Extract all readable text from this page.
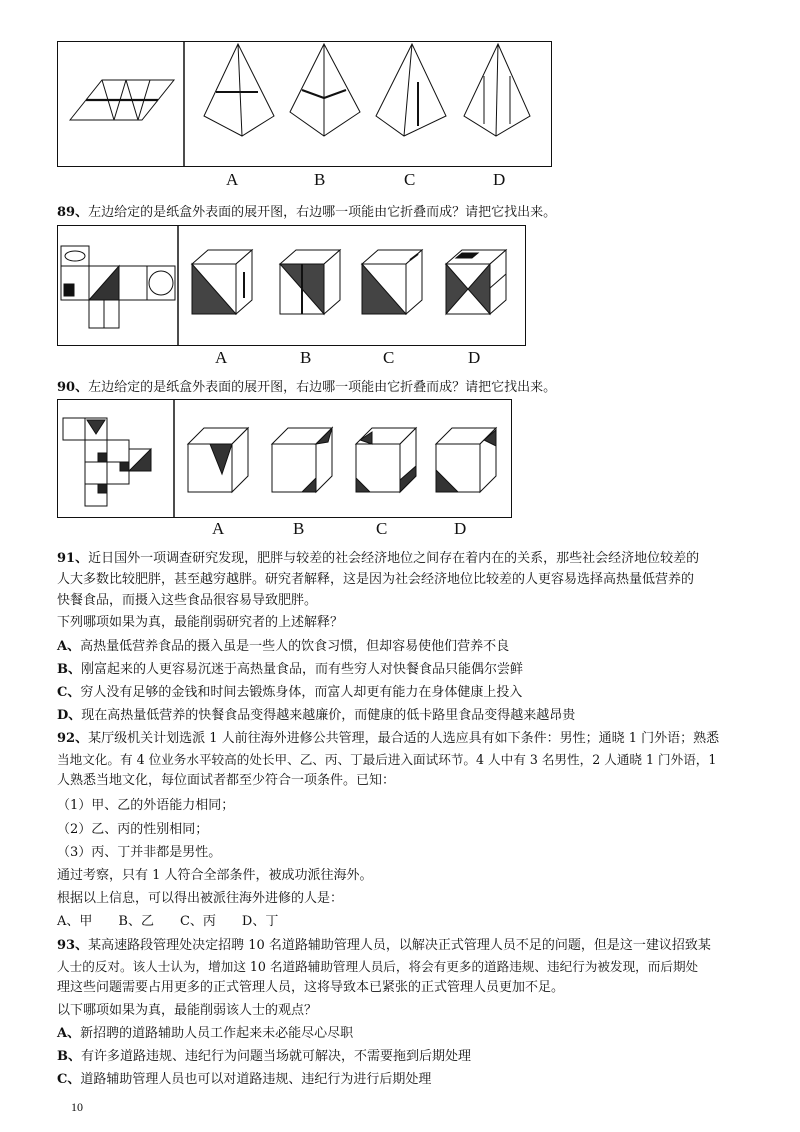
A	B	C	D
89、左边给定的是纸盒外表面的展开图，右边哪一项能由它折叠而成？请把它找出来。
A	B	C	D
90、左边给定的是纸盒外表面的展开图，右边哪一项能由它折叠而成？请把它找出来。
A	B	C	D
91、近日国外一项调查研究发现，肥胖与较差的社会经济地位之间存在着内在的关系，那些社会经济地位较差的
人大多数比较肥胖，甚至越穷越胖。研究者解释，这是因为社会经济地位比较差的人更容易选择高热量低营养的
快餐食品，而摄入这些食品很容易导致肥胖。
下列哪项如果为真，最能削弱研究者的上述解释？
A、高热量低营养食品的摄入虽是一些人的饮食习惯，但却容易使他们营养不良
B、刚富起来的人更容易沉迷于高热量食品，而有些穷人对快餐食品只能偶尔尝鲜
C、穷人没有足够的金钱和时间去锻炼身体，而富人却更有能力在身体健康上投入
D、现在高热量低营养的快餐食品变得越来越廉价，而健康的低卡路里食品变得越来越昂贵
92、某厅级机关计划选派 1 人前往海外进修公共管理，最合适的人选应具有如下条件：男性；通晓 1 门外语；熟悉
当地文化。有 4 位业务水平较高的处长甲、乙、丙、丁最后进入面试环节。4 人中有 3 名男性，2 人通晓 1 门外语，1
人熟悉当地文化，每位面试者都至少符合一项条件。已知：
（1）甲、乙的外语能力相同；
（2）乙、丙的性别相同；
（3）丙、丁并非都是男性。
通过考察，只有 1 人符合全部条件，被成功派往海外。
根据以上信息，可以得出被派往海外进修的人是：
A、甲 B、乙 C、丙 D、丁
93、某高速路段管理处决定招聘 10 名道路辅助管理人员，以解决正式管理人员不足的问题，但是这一建议招致某
人士的反对。该人士认为，增加这 10 名道路辅助管理人员后，将会有更多的道路违规、违纪行为被发现，而后期处
理这些问题需要占用更多的正式管理人员，这将导致本已紧张的正式管理人员更加不足。
以下哪项如果为真，最能削弱该人士的观点？
A、新招聘的道路辅助人员工作起来未必能尽心尽职
B、有许多道路违规、违纪行为问题当场就可解决，不需要拖到后期处理
C、道路辅助管理人员也可以对道路违规、违纪行为进行后期处理
10
